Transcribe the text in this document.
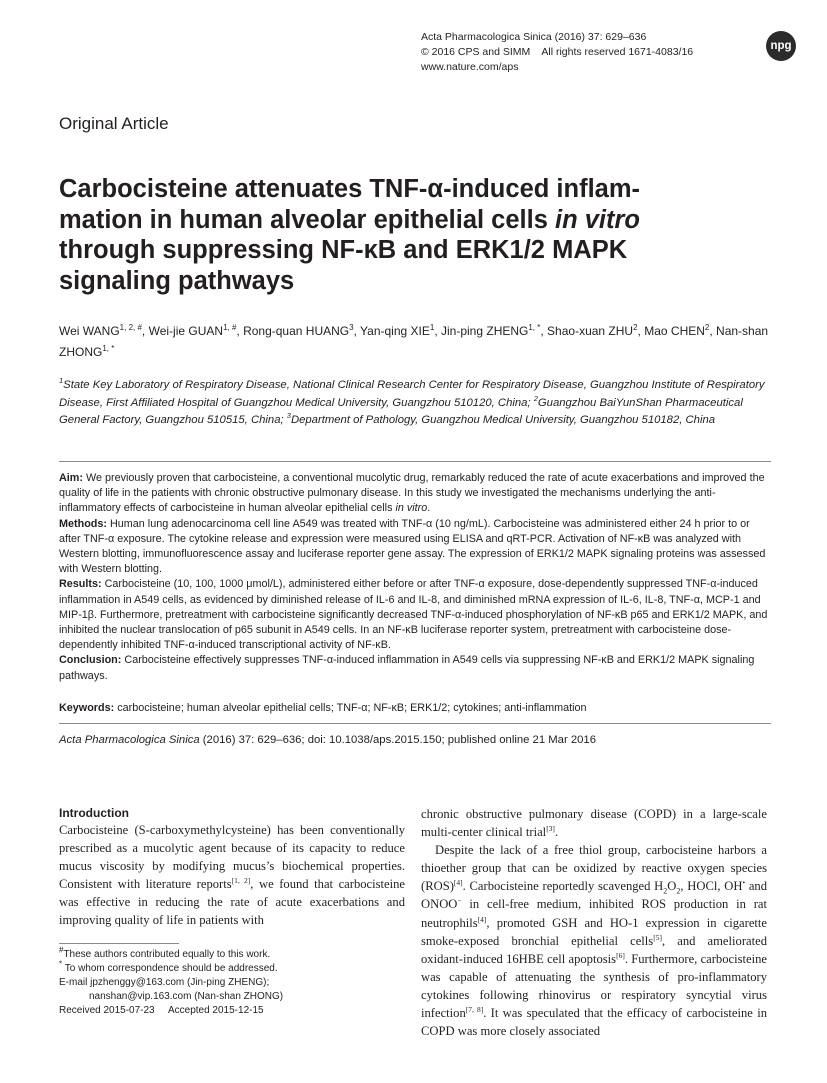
Acta Pharmacologica Sinica (2016) 37: 629–636
© 2016 CPS and SIMM    All rights reserved 1671-4083/16
www.nature.com/aps
npg
Original Article
Carbocisteine attenuates TNF-α-induced inflam-
mation in human alveolar epithelial cells in vitro
through suppressing NF-κB and ERK1/2 MAPK
signaling pathways
Wei $WANG^{1, 2, \#}$, Wei-jie $GUAN^{1, \#}$, Rong-quan HUANG$^3$, Yan-qing XIE$^1$, Jin-ping $ZHENG^{1, *}$, Shao-xuan ZHU$^2$, Mao CHEN$^2$, Nan-shan $ZHONG^{1, *}$
$^1$State Key Laboratory of Respiratory Disease, National Clinical Research Center for Respiratory Disease, Guangzhou Institute of Respiratory Disease, First Affiliated Hospital of Guangzhou Medical University, Guangzhou 510120, China; $^2$Guangzhou BaiYunShan Pharmaceutical General Factory, Guangzhou 510515, China; $^3$Department of Pathology, Guangzhou Medical University, Guangzhou 510182, China

Aim: We previously proven that carbocisteine, a conventional mucolytic drug, remarkably reduced the rate of acute exacerbations and improved the quality of life in the patients with chronic obstructive pulmonary disease. In this study we investigated the mechanisms underlying the anti-inflammatory effects of carbocisteine in human alveolar epithelial cells in vitro.

Methods: Human lung adenocarcinoma cell line A549 was treated with TNF-α (10 ng/mL). Carbocisteine was administered either 24 h prior to or after TNF-α exposure. The cytokine release and expression were measured using ELISA and qRT-PCR. Activation of NF-κB was analyzed with Western blotting, immunofluorescence assay and luciferase reporter gene assay. The expression of ERK1/2 MAPK signaling proteins was assessed with Western blotting.

Results: Carbocisteine (10, 100, 1000 μmol/L), administered either before or after TNF-α exposure, dose-dependently suppressed TNF-α-induced inflammation in A549 cells, as evidenced by diminished release of IL-6 and IL-8, and diminished mRNA expression of IL-6, IL-8, TNF-α, MCP-1 and MIP-1β. Furthermore, pretreatment with carbocisteine significantly decreased TNF-α-induced phosphorylation of NF-κB p65 and ERK1/2 MAPK, and inhibited the nuclear translocation of p65 subunit in A549 cells. In an NF-κB luciferase reporter system, pretreatment with carbocisteine dose-dependently inhibited TNF-α-induced transcriptional activity of NF-κB.

Conclusion: Carbocisteine effectively suppresses TNF-α-induced inflammation in A549 cells via suppressing NF-κB and ERK1/2 MAPK signaling pathways.

Keywords: carbocisteine; human alveolar epithelial cells; TNF-α; NF-κB; ERK1/2; cytokines; anti-inflammation
Acta Pharmacologica Sinica (2016) 37: 629–636; doi: 10.1038/aps.2015.150; published online 21 Mar 2016
Introduction

Carbocisteine (S-carboxymethylcysteine) has been conventionally prescribed as a mucolytic agent because of its capacity to reduce mucus viscosity by modifying mucus’s biochemical properties. Consistent with literature reports[1, 2], we found that carbocisteine was effective in reducing the rate of acute exacerbations and improving quality of life in patients with

#These authors contributed equally to this work.
* To whom correspondence should be addressed.
E-mail jpzhenggy@163.com (Jin-ping ZHENG);
nanshan@vip.163.com (Nan-shan ZHONG)
Received 2015-07-23     Accepted 2015-12-15

chronic obstructive pulmonary disease (COPD) in a large-scale multi-center clinical trial[3].

Despite the lack of a free thiol group, carbocisteine harbors a thioether group that can be oxidized by reactive oxygen species (ROS)[4]. Carbocisteine reportedly scavenged $H_2O_2$, HOCl, OH• and ONOO− in cell-free medium, inhibited ROS production in rat neutrophils[4], promoted GSH and HO-1 expression in cigarette smoke-exposed bronchial epithelial cells[5], and ameliorated oxidant-induced 16HBE cell apoptosis[6]. Furthermore, carbocisteine was capable of attenuating the synthesis of pro-inflammatory cytokines following rhinovirus or respiratory syncytial virus infection[7, 8]. It was speculated that the efficacy of carbocisteine in COPD was more closely associated
